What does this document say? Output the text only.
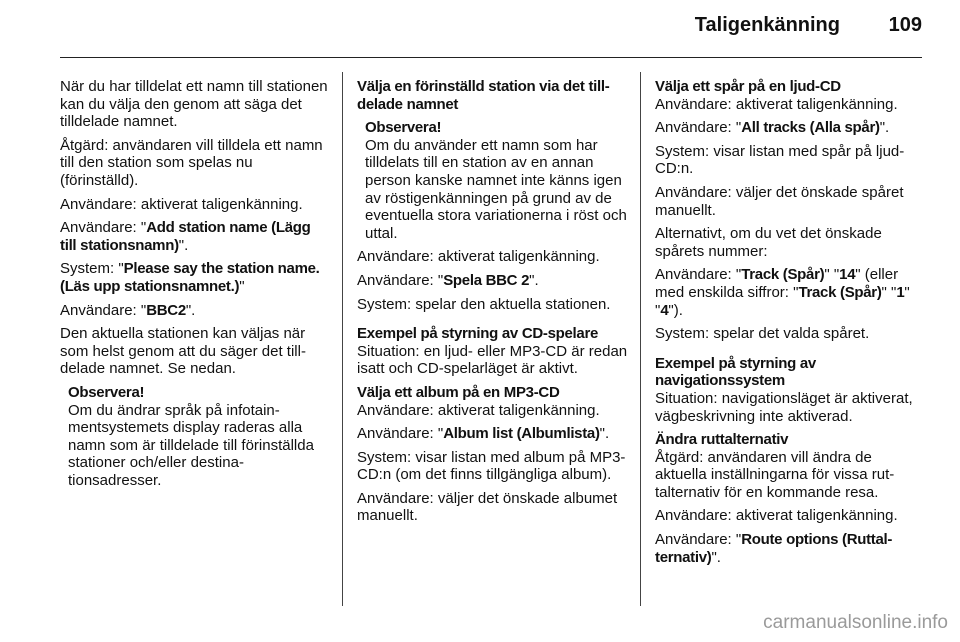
Taligenkänning	109

När du har tilldelat ett namn till stationen kan du välja den genom att säga det tilldelade namnet.

Åtgärd: användaren vill tilldela ett namn till den station som spelas nu (förinställd).

Användare: aktiverat taligenkänning.

Användare: "Add station name (Lägg till stationsnamn)".

System: "Please say the station name. (Läs upp stationsnamnet.)"

Användare: "BBC2".

Den aktuella stationen kan väljas när som helst genom att du säger det tilldelade namnet. Se nedan.

Observera!

Om du ändrar språk på infotainmentsystemets display raderas alla namn som är tilldelade till förinställda stationer och/eller destinationsadresser.

Välja en förinställd station via det tilldelade namnet

Observera!

Om du använder ett namn som har tilldelats till en station av en annan person kanske namnet inte känns igen av röstigenkänningen på grund av de eventuella stora variationerna i röst och uttal.

Användare: aktiverat taligenkänning.

Användare: "Spela BBC 2".

System: spelar den aktuella stationen.

Exempel på styrning av CD-spelare

Situation: en ljud- eller MP3-CD är redan isatt och CD-spelarläget är aktivt.

Välja ett album på en MP3-CD

Användare: aktiverat taligenkänning.

Användare: "Album list (Albumlista)".

System: visar listan med album på MP3-CD:n (om det finns tillgängliga album).

Användare: väljer det önskade albumet manuellt.

Välja ett spår på en ljud-CD

Användare: aktiverat taligenkänning.

Användare: "All tracks (Alla spår)".

System: visar listan med spår på ljud-CD:n.

Användare: väljer det önskade spåret manuellt.

Alternativt, om du vet det önskade spårets nummer:

Användare: "Track (Spår)" "14" (eller med enskilda siffror: "Track (Spår)" "1" "4").

System: spelar det valda spåret.

Exempel på styrning av navigationssystem

Situation: navigationsläget är aktiverat, vägbeskrivning inte aktiverad.

Ändra ruttalternativ

Åtgärd: användaren vill ändra de aktuella inställningarna för vissa ruttalternativ för en kommande resa.

Användare: aktiverat taligenkänning.

Användare: "Route options (Ruttalternativ)".

carmanualsonline.info
